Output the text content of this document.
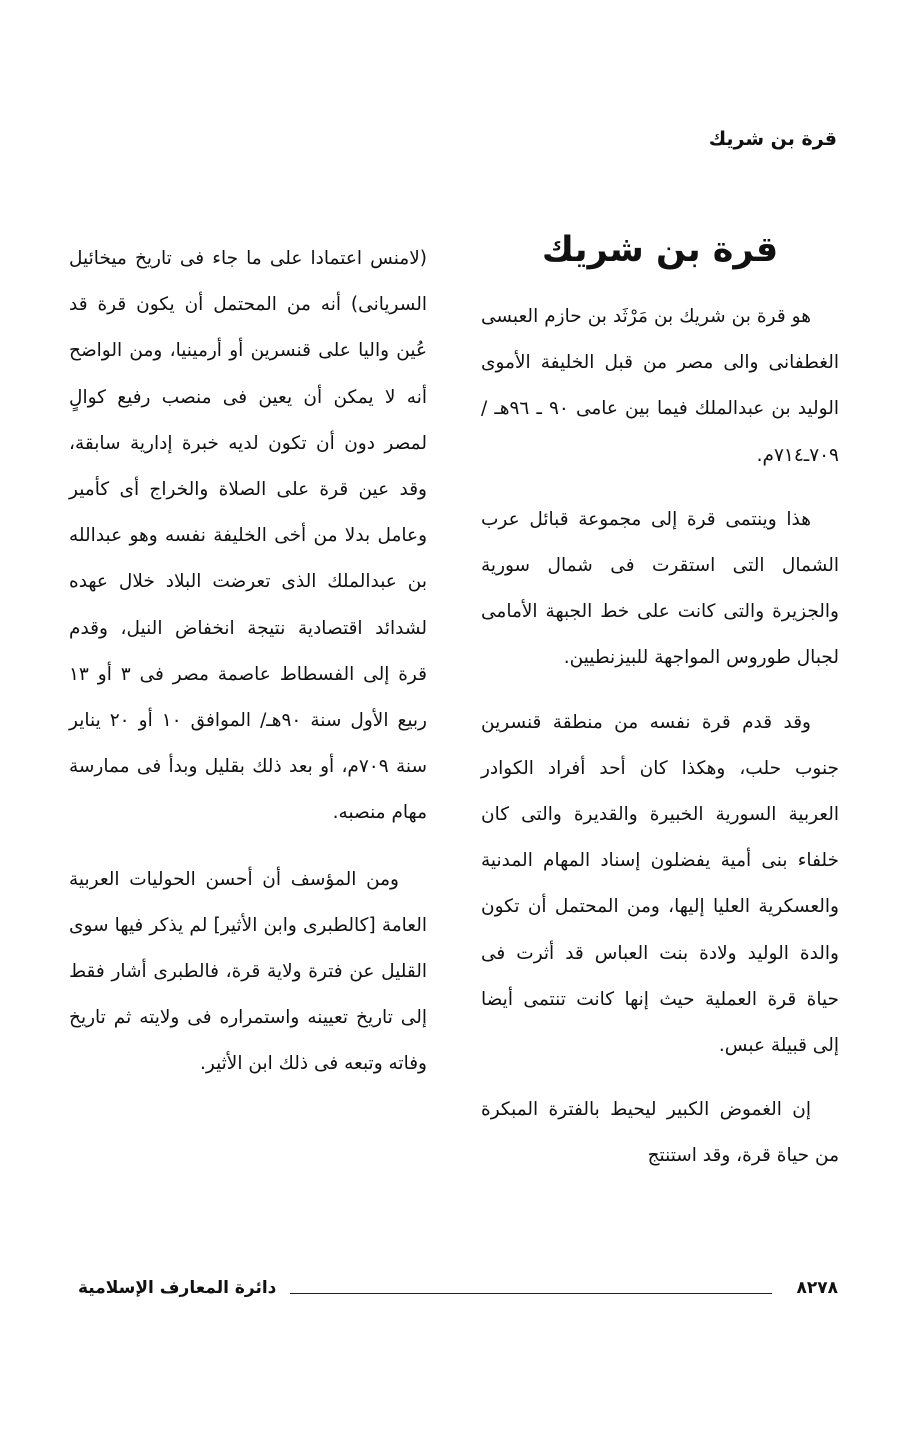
قرة بن شريك
قرة بن شريك

هو قرة بن شريك بن مَرْثَد بن حازم العبسى الغطفانى والى مصر من قبل الخليفة الأموى الوليد بن عبدالملك فيما بين عامى ٩٠ ـ ٩٦هـ / ٧٠٩ـ٧١٤م.

هذا وينتمى قرة إلى مجموعة قبائل عرب الشمال التى استقرت فى شمال سورية والجزيرة والتى كانت على خط الجبهة الأمامى لجبال طوروس المواجهة للبيزنطيين.

وقد قدم قرة نفسه من منطقة قنسرين جنوب حلب، وهكذا كان أحد أفراد الكوادر العربية السورية الخبيرة والقديرة والتى كان خلفاء بنى أمية يفضلون إسناد المهام المدنية والعسكرية العليا إليها، ومن المحتمل أن تكون والدة الوليد ولادة بنت العباس قد أثرت فى حياة قرة العملية حيث إنها كانت تنتمى أيضا إلى قبيلة عبس.

إن الغموض الكبير ليحيط بالفترة المبكرة من حياة قرة، وقد استنتج

(لامنس اعتمادا على ما جاء فى تاريخ ميخائيل السريانى) أنه من المحتمل أن يكون قرة قد عُين واليا على قنسرين أو أرمينيا، ومن الواضح أنه لا يمكن أن يعين فى منصب رفيع كوالٍ لمصر دون أن تكون لديه خبرة إدارية سابقة، وقد عين قرة على الصلاة والخراج أى كأمير وعامل بدلا من أخى الخليفة نفسه وهو عبدالله بن عبدالملك الذى تعرضت البلاد خلال عهده لشدائد اقتصادية نتيجة انخفاض النيل، وقدم قرة إلى الفسطاط عاصمة مصر فى ٣ أو ١٣ ربيع الأول سنة ٩٠هـ/ الموافق ١٠ أو ٢٠ يناير سنة ٧٠٩م، أو بعد ذلك بقليل وبدأ فى ممارسة مهام منصبه.

ومن المؤسف أن أحسن الحوليات العربية العامة [كالطبرى وابن الأثير] لم يذكر فيها سوى القليل عن فترة ولاية قرة، فالطبرى أشار فقط إلى تاريخ تعيينه واستمراره فى ولايته ثم تاريخ وفاته وتبعه فى ذلك ابن الأثير.

٨٢٧٨
دائرة المعارف الإسلامية
